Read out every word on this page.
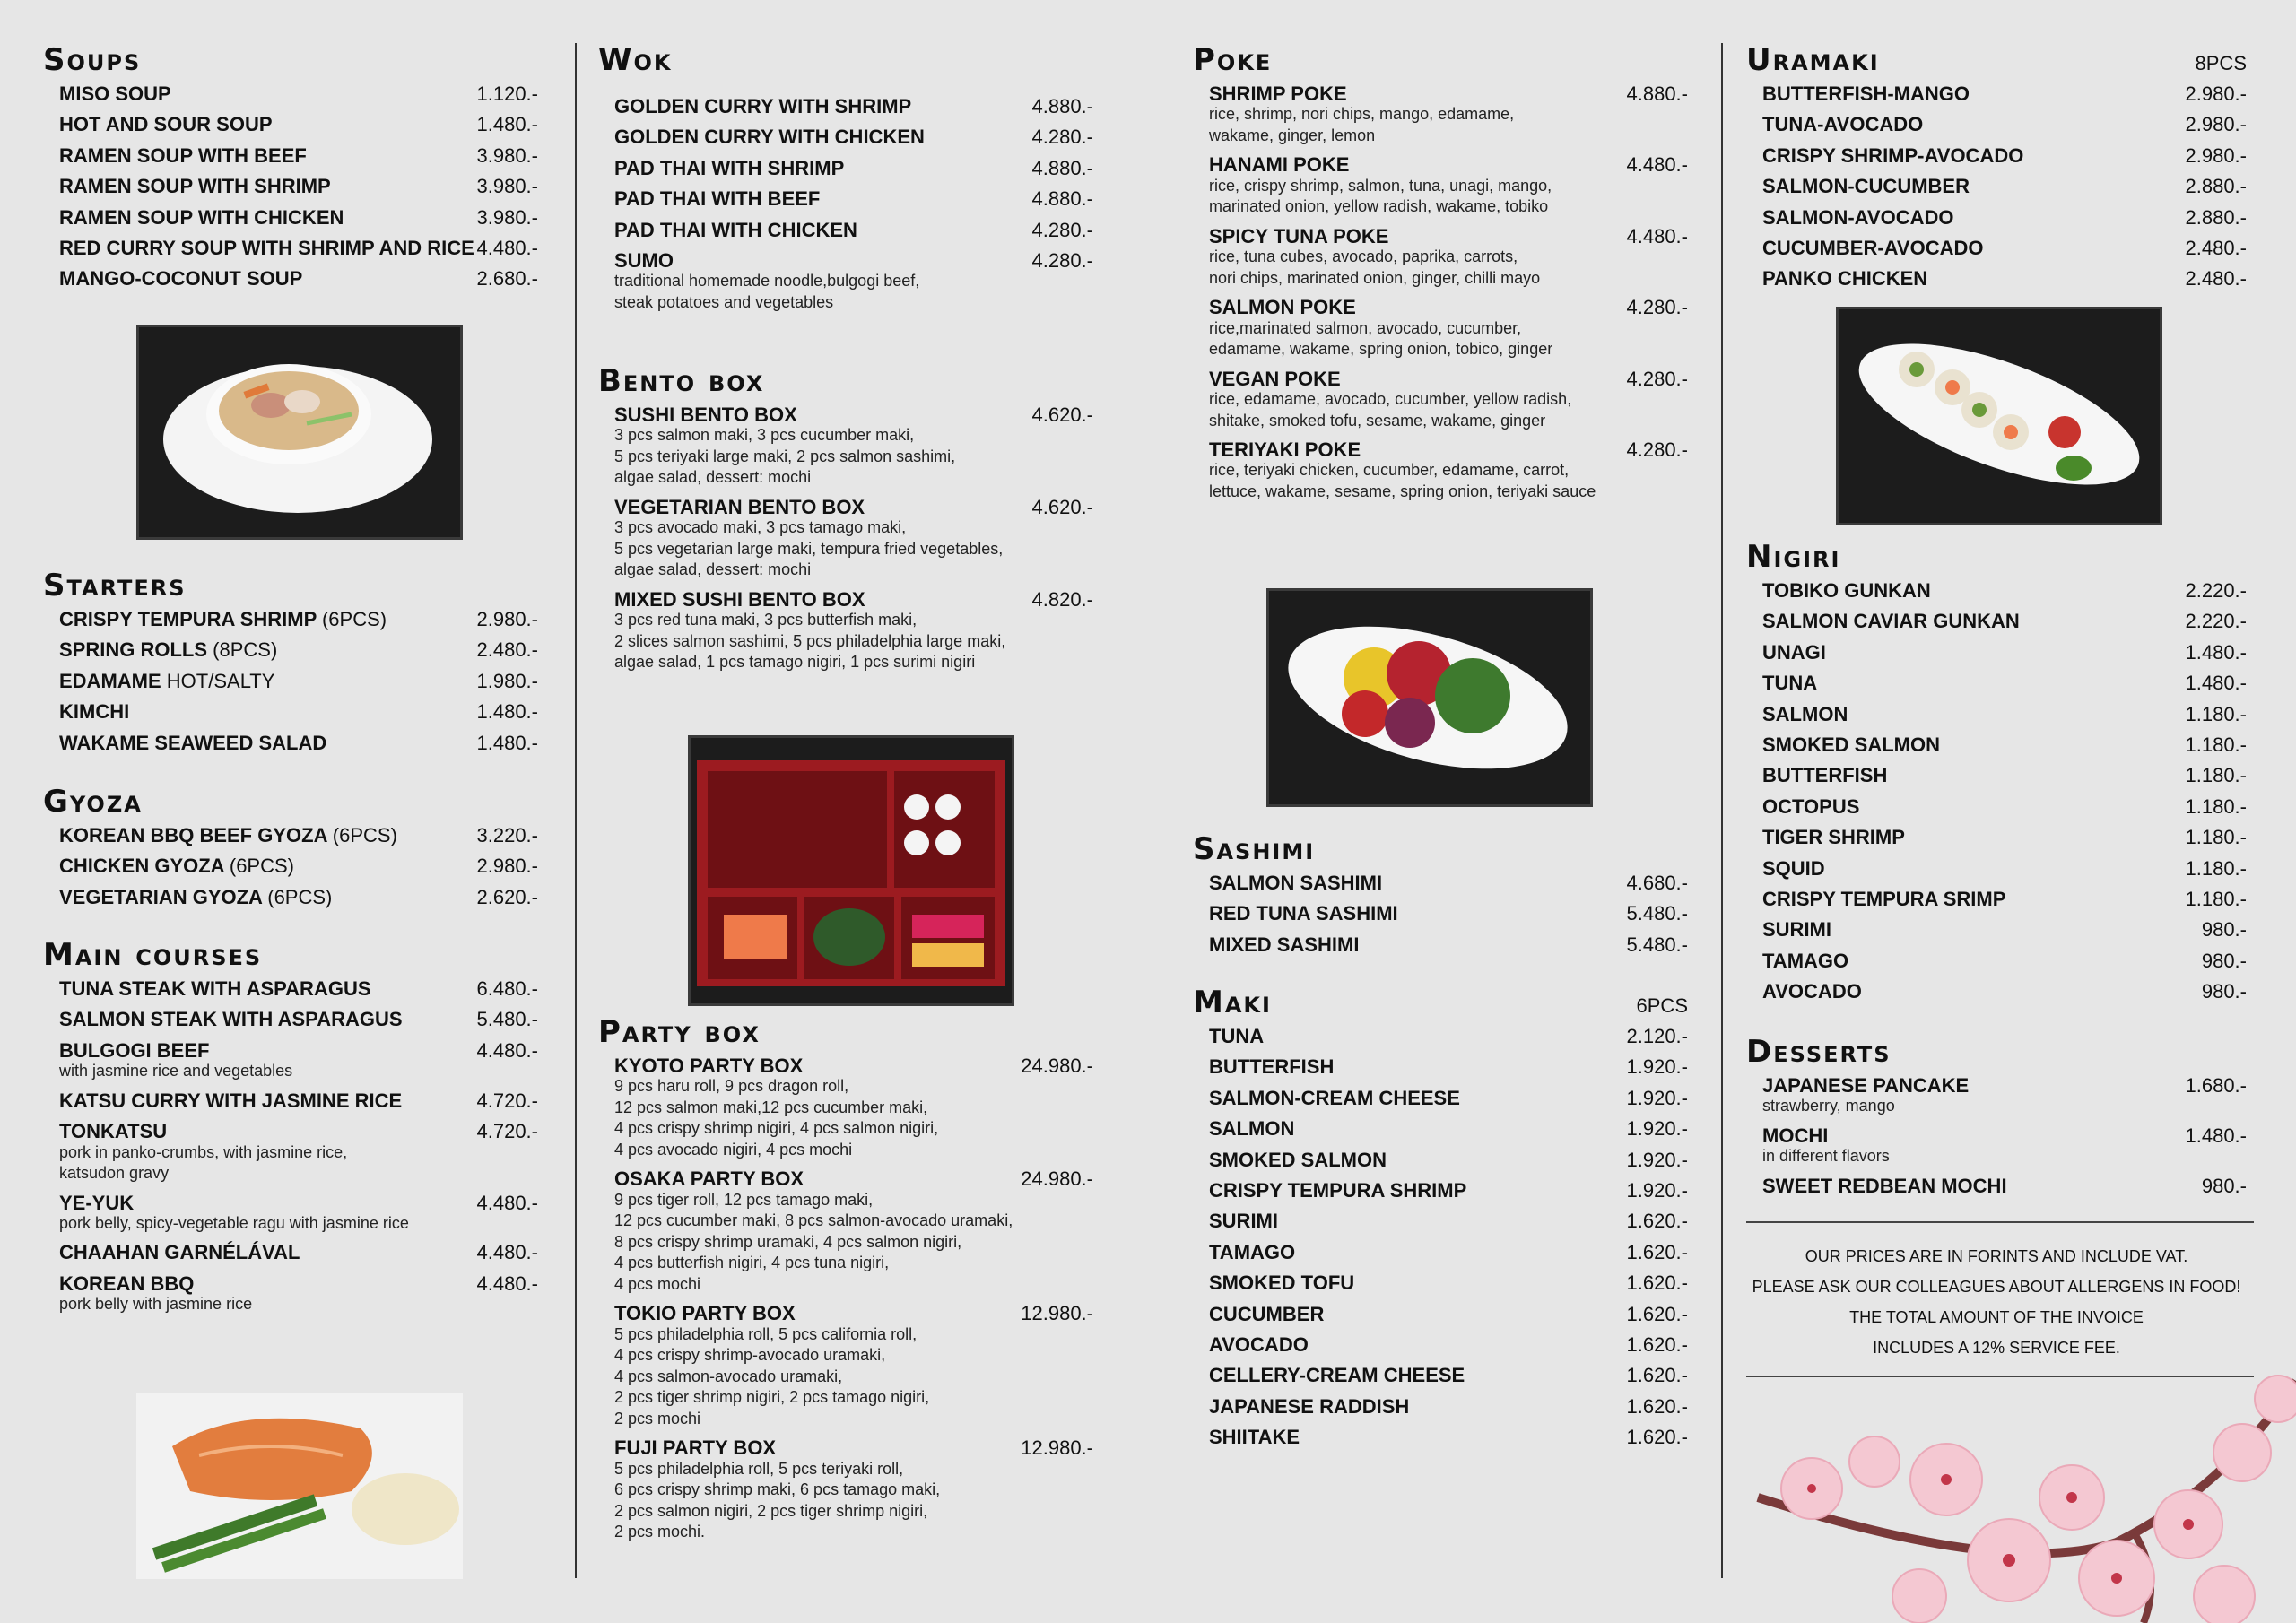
Soups
MISO SOUP	1.120.-
HOT AND SOUR SOUP	1.480.-
RAMEN SOUP WITH BEEF	3.980.-
RAMEN SOUP WITH SHRIMP	3.980.-
RAMEN SOUP WITH CHICKEN	3.980.-
RED CURRY SOUP WITH SHRIMP AND RICE 4.480.-
MANGO-COCONUT SOUP	2.680.-
Starters
CRISPY TEMPURA SHRIMP (6PCS)	2.980.-
SPRING ROLLS (8PCS)	2.480.-
EDAMAME HOT/SALTY	1.980.-
KIMCHI	1.480.-
WAKAME SEAWEED SALAD	1.480.-
Gyoza
KOREAN BBQ BEEF GYOZA (6PCS)	3.220.-
CHICKEN GYOZA (6PCS)	2.980.-
VEGETARIAN GYOZA (6PCS)	2.620.-
Main courses
TUNA STEAK WITH ASPARAGUS	6.480.-
SALMON STEAK WITH ASPARAGUS	5.480.-
BULGOGI BEEF	4.480.-
with jasmine rice and vegetables
KATSU CURRY WITH JASMINE RICE	4.720.-
TONKATSU	4.720.-
pork in panko-crumbs, with jasmine rice,
katsudon gravy
YE-YUK	4.480.-
pork belly, spicy-vegetable ragu with jasmine rice
CHAAHAN GARNÉLÁVAL	4.480.-
KOREAN BBQ	4.480.-
pork belly with jasmine rice
Wok
GOLDEN CURRY WITH SHRIMP	4.880.-
GOLDEN CURRY WITH CHICKEN	4.280.-
PAD THAI WITH SHRIMP	4.880.-
PAD THAI WITH BEEF	4.880.-
PAD THAI WITH CHICKEN	4.280.-
SUMO	4.280.-
traditional homemade noodle,bulgogi beef,
steak potatoes and vegetables
Bento box
SUSHI BENTO BOX	4.620.-
3 pcs salmon maki, 3 pcs cucumber maki,
5 pcs teriyaki large maki, 2 pcs salmon sashimi,
algae salad, dessert: mochi
VEGETARIAN BENTO BOX	4.620.-
3 pcs avocado maki, 3 pcs tamago maki,
5 pcs vegetarian large maki, tempura fried vegetables,
algae salad, dessert: mochi
MIXED SUSHI BENTO BOX	4.820.-
3 pcs red tuna maki, 3 pcs butterfish maki,
2 slices salmon sashimi, 5 pcs philadelphia large maki,
algae salad, 1 pcs tamago nigiri, 1 pcs surimi nigiri
Party box
KYOTO PARTY BOX	24.980.-
9 pcs haru roll, 9 pcs dragon roll,
12 pcs salmon maki,12 pcs cucumber maki,
4 pcs crispy shrimp nigiri, 4 pcs salmon nigiri,
4 pcs avocado nigiri, 4 pcs mochi
OSAKA PARTY BOX	24.980.-
9 pcs tiger roll, 12 pcs tamago maki,
12 pcs cucumber maki, 8 pcs salmon-avocado uramaki,
8 pcs crispy shrimp uramaki, 4 pcs salmon nigiri,
4 pcs butterfish nigiri, 4 pcs tuna nigiri,
4 pcs mochi
TOKIO PARTY BOX	12.980.-
5 pcs philadelphia roll, 5 pcs california roll,
4 pcs crispy shrimp-avocado uramaki,
4 pcs salmon-avocado uramaki,
2 pcs tiger shrimp nigiri, 2 pcs tamago nigiri,
2 pcs mochi
FUJI PARTY BOX	12.980.-
5 pcs philadelphia roll, 5 pcs teriyaki roll,
6 pcs crispy shrimp maki, 6 pcs tamago maki,
2 pcs salmon nigiri, 2 pcs tiger shrimp nigiri,
2 pcs mochi.
Poke
SHRIMP POKE	4.880.-
rice, shrimp, nori chips, mango, edamame,
wakame, ginger, lemon
HANAMI POKE	4.480.-
rice, crispy shrimp, salmon, tuna, unagi, mango,
marinated onion, yellow radish, wakame, tobiko
SPICY TUNA POKE	4.480.-
rice, tuna cubes, avocado, paprika, carrots,
nori chips, marinated onion, ginger, chilli mayo
SALMON POKE	4.280.-
rice,marinated salmon, avocado, cucumber,
edamame, wakame, spring onion, tobico, ginger
VEGAN POKE	4.280.-
rice, edamame, avocado, cucumber, yellow radish,
shitake, smoked tofu, sesame, wakame, ginger
TERIYAKI POKE	4.280.-
rice, teriyaki chicken, cucumber, edamame, carrot,
lettuce, wakame, sesame, spring onion, teriyaki sauce
Sashimi
SALMON SASHIMI	4.680.-
RED TUNA SASHIMI	5.480.-
MIXED SASHIMI	5.480.-
Maki	6PCS
TUNA	2.120.-
BUTTERFISH	1.920.-
SALMON-CREAM CHEESE	1.920.-
SALMON	1.920.-
SMOKED SALMON	1.920.-
CRISPY TEMPURA SHRIMP	1.920.-
SURIMI	1.620.-
TAMAGO	1.620.-
SMOKED TOFU	1.620.-
CUCUMBER	1.620.-
AVOCADO	1.620.-
CELLERY-CREAM CHEESE	1.620.-
JAPANESE RADDISH	1.620.-
SHIITAKE	1.620.-
Uramaki	8PCS
BUTTERFISH-MANGO	2.980.-
TUNA-AVOCADO	2.980.-
CRISPY SHRIMP-AVOCADO	2.980.-
SALMON-CUCUMBER	2.880.-
SALMON-AVOCADO	2.880.-
CUCUMBER-AVOCADO	2.480.-
PANKO CHICKEN	2.480.-
Nigiri
TOBIKO GUNKAN	2.220.-
SALMON CAVIAR GUNKAN	2.220.-
UNAGI	1.480.-
TUNA	1.480.-
SALMON	1.180.-
SMOKED SALMON	1.180.-
BUTTERFISH	1.180.-
OCTOPUS	1.180.-
TIGER SHRIMP	1.180.-
SQUID	1.180.-
CRISPY TEMPURA SRIMP	1.180.-
SURIMI	980.-
TAMAGO	980.-
AVOCADO	980.-
Desserts
JAPANESE PANCAKE	1.680.-
strawberry, mango
MOCHI	1.480.-
in different flavors
SWEET REDBEAN MOCHI	980.-
OUR PRICES ARE IN FORINTS AND INCLUDE VAT.
PLEASE ASK OUR COLLEAGUES ABOUT ALLERGENS IN FOOD!
THE TOTAL AMOUNT OF THE INVOICE
INCLUDES A 12% SERVICE FEE.
